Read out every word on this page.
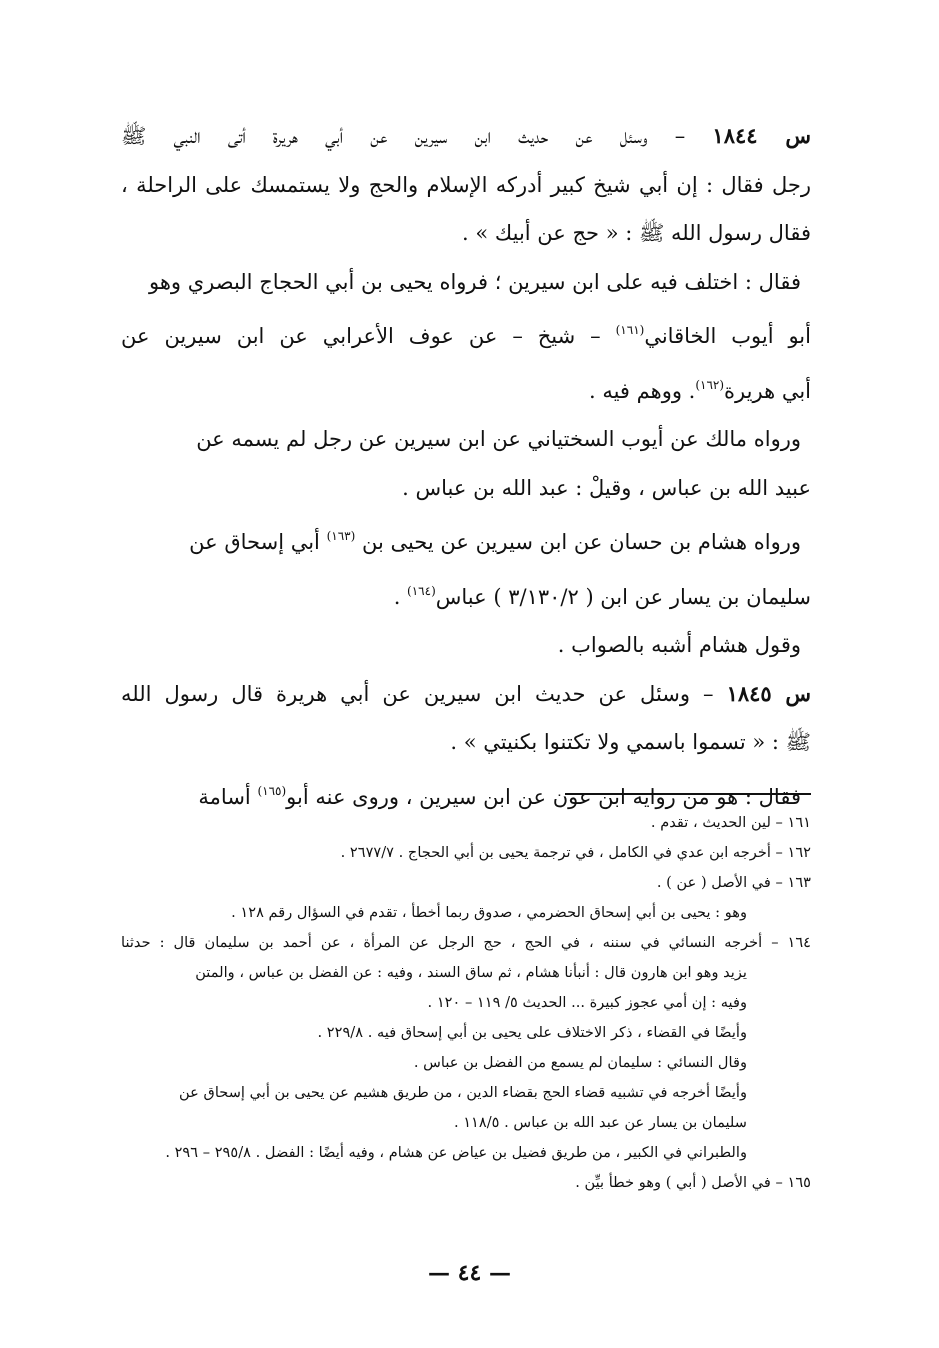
س ١٨٤٤ – وسئل عن حديث ابن سيرين عن أبي هريرة أتى النبي ﷺ
رجل فقال : إن أبي شيخ كبير أدركه الإسلام والحج ولا يستمسك على الراحلة ،
فقال رسول الله ﷺ : « حج عن أبيك » .
فقال : اختلف فيه على ابن سيرين ؛ فرواه يحيى بن أبي الحجاج البصري وهو
أبو أيوب الخاقاني$^{(١٦١)}$ – شيخ – عن عوف الأعرابي عن ابن سيرين عن
أبي هريرة$^{(١٦٢)}$. ووهم فيه .
ورواه مالك عن أيوب السختياني عن ابن سيرين عن رجل لم يسمه عن
عبيد الله بن عباس ، وقيلْ : عبد الله بن عباس .
ورواه هشام بن حسان عن ابن سيرين عن يحيى بن $^{(١٦٣)}$ أبي إسحاق عن
سليمان بن يسار عن ابن ( ٣/١٣٠/٢ ) عباس$^{(١٦٤)}$ .
وقول هشام أشبه بالصواب .
س ١٨٤٥ – وسئل عن حديث ابن سيرين عن أبي هريرة قال رسول الله
ﷺ : « تسموا باسمي ولا تكتنوا بكنيتي » .
فقال : هو من رواية ابن عون عن ابن سيرين ، وروى عنه أبو$^{(١٦٥)}$ أسامة
١٦١ – لين الحديث ، تقدم .
١٦٢ – أخرجه ابن عدي في الكامل ، في ترجمة يحيى بن أبي الحجاج . ٢٦٧٧/٧ .
١٦٣ – في الأصل ( عن ) .
وهو : يحيى بن أبي إسحاق الحضرمي ، صدوق ربما أخطأ ، تقدم في السؤال رقم ١٢٨ .
١٦٤ – أخرجه النسائي في سننه ، في الحج ، حج الرجل عن المرأة ، عن أحمد بن سليمان قال : حدثنا
يزيد وهو ابن هارون قال : أنبأنا هشام ، ثم ساق السند ، وفيه : عن الفضل بن عباس ، والمتن
وفيه : إن أمي عجوز كبيرة ... الحديث ٥/ ١١٩ – ١٢٠ .
وأيضًا في القضاء ، ذكر الاختلاف على يحيى بن أبي إسحاق فيه . ٢٢٩/٨ .
وقال النسائي : سليمان لم يسمع من الفضل بن عباس .
وأيضًا أخرجه في تشبيه قضاء الحج بقضاء الدين ، من طريق هشيم عن يحيى بن أبي إسحاق عن
سليمان بن يسار عن عبد الله بن عباس . ١١٨/٥ .
والطبراني في الكبير ، من طريق فضيل بن عياض عن هشام ، وفيه أيضًا : الفضل . ٢٩٥/٨ – ٢٩٦ .
١٦٥ – في الأصل ( أبي ) وهو خطأ بيِّن .
— ٤٤ —
